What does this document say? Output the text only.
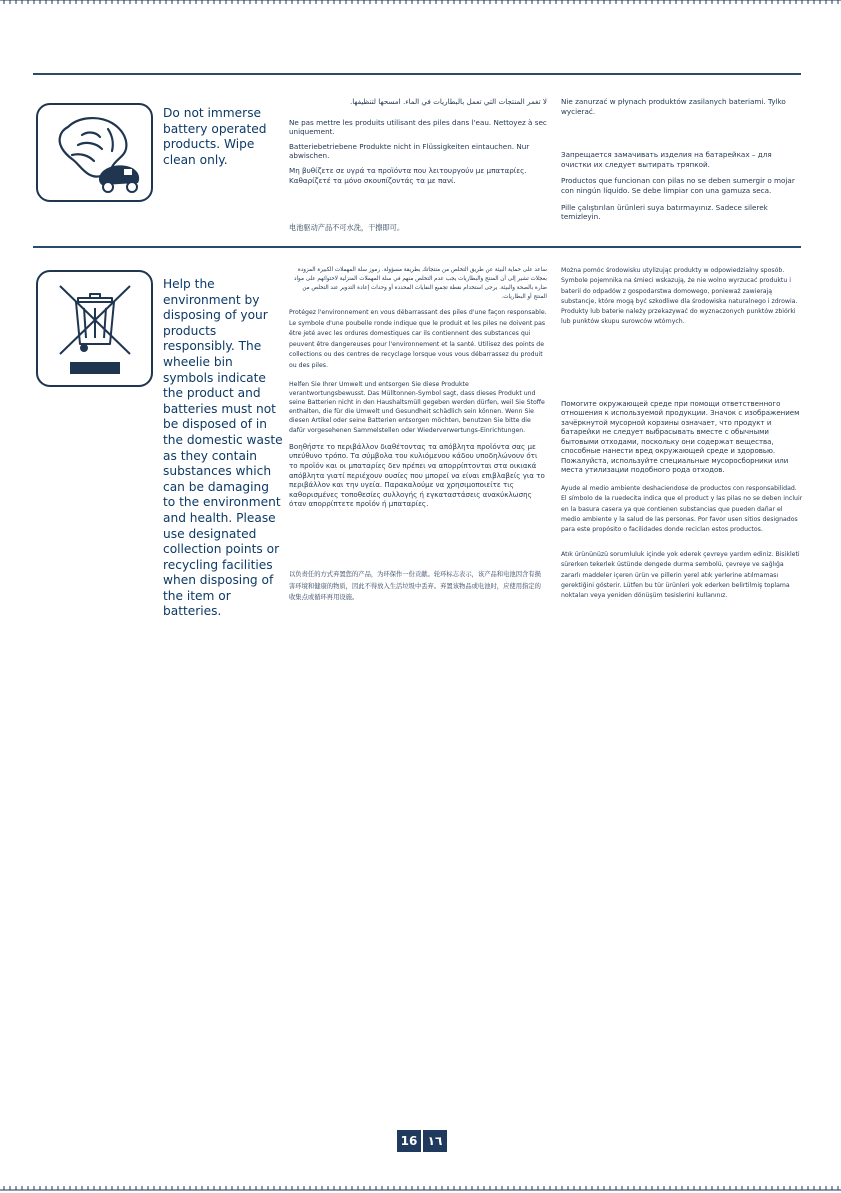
Do not immerse battery operated products. Wipe clean only.

لا تغمر المنتجات التي تعمل بالبطاريات في الماء. امسحها لتنظيفها.

Ne pas mettre les produits utilisant des piles dans l'eau. Nettoyez à sec uniquement.

Batteriebetriebene Produkte nicht in Flüssigkeiten eintauchen. Nur abwischen.

Μη βυθίζετε σε υγρά τα προϊόντα που λειτουργούν με μπαταρίες. Καθαρίζετέ τα μόνο σκουπίζοντάς τα με πανί.

电池驱动产品不可水洗，干擦即可。

Nie zanurzać w płynach produktów zasilanych bateriami. Tylko wycierać.

Запрещается замачивать изделия на батарейках – для очистки их следует вытирать тряпкой.

Productos que funcionan con pilas no se deben sumergir o mojar con ningún líquido. Se debe limpiar con una gamuza seca.

Pille çalıştırılan ürünleri suya batırmayınız. Sadece silerek temizleyin.

Help the environment by disposing of your products responsibly. The wheelie bin symbols indicate the product and batteries must not be disposed of in the domestic waste as they contain substances which can be damaging to the environment and health. Please use designated collection points or recycling facilities when disposing of the item or batteries.

ساعد على حماية البيئة عن طريق التخلص من منتجاتك بطريقة مسؤولة. رموز سلة المهملات الكبيرة المزودة بعجلات تشير إلى أن المنتج والبطاريات يجب عدم التخلص منهم في سلة المهملات المنزلية لاحتوائهم على مواد ضارة بالصحة والبيئة. يرجى استخدام نقطة تجميع النفايات المحددة أو وحدات إعادة التدوير عند التخلص من المنتج أو البطاريات.

Protégez l'environnement en vous débarrassant des piles d'une façon responsable. Le symbole d'une poubelle ronde indique que le produit et les piles ne doivent pas être jeté avec les ordures domestiques car ils contiennent des substances qui peuvent être dangereuses pour l'environnement et la santé. Utilisez des points de collections ou des centres de recyclage lorsque vous vous débarrassez du produit ou des piles.

Helfen Sie Ihrer Umwelt und entsorgen Sie diese Produkte verantwortungsbewusst. Das Mülltonnen-Symbol sagt, dass dieses Produkt und seine Batterien nicht in den Haushaltsmüll gegeben werden dürfen, weil Sie Stoffe enthalten, die für die Umwelt und Gesundheit schädlich sein können. Wenn Sie diesen Artikel oder seine Batterien entsorgen möchten, benutzen Sie bitte die dafür vorgesehenen Sammelstellen oder Wiederverwertungs-Einrichtungen.

Βοηθήστε το περιβάλλον διαθέτοντας τα απόβλητα προϊόντα σας με υπεύθυνο τρόπο. Τα σύμβολα του κυλιόμενου κάδου υποδηλώνουν ότι το προϊόν και οι μπαταρίες δεν πρέπει να απορρίπτονται στα οικιακά απόβλητα γιατί περιέχουν ουσίες που μπορεί να είναι επιβλαβείς για το περιβάλλον και την υγεία. Παρακαλούμε να χρησιμοποιείτε τις καθορισμένες τοποθεσίες συλλογής ή εγκαταστάσεις ανακύκλωσης όταν απορρίπτετε προϊόν ή μπαταρίες.

以负责任的方式弃置您的产品，为环保作一份贡献。轮环标志表示，该产品和电池因含有损害环境和健康的物质，因此不得放入生活垃圾中丢弃。弃置该物品或电池时，应使用指定的收集点或循环再用设施。

Można pomóc środowisku utylizując produkty w odpowiedzialny sposób. Symbole pojemnika na śmieci wskazują, że nie wolno wyrzucać produktu i baterii do odpadów z gospodarstwa domowego, ponieważ zawierają substancje, które mogą być szkodliwe dla środowiska naturalnego i zdrowia. Produkty lub baterie należy przekazywać do wyznaczonych punktów zbiórki lub punktów skupu surowców wtórnych.

Помогите окружающей среде при помощи ответственного отношения к используемой продукции. Значок с изображением зачёркнутой мусорной корзины означает, что продукт и батарейки не следует выбрасывать вместе с обычными бытовыми отходами, поскольку они содержат вещества, способные нанести вред окружающей среде и здоровью. Пожалуйста, используйте специальные мусоросборники или места утилизации подобного рода отходов.

Ayude al medio ambiente deshaciendose de productos con responsabilidad. El símbolo de la ruedecita indica que el product y las pilas no se deben incluir en la basura casera ya que contienen substancias que pueden dañar el medio ambiente y la salud de las personas. Por favor usen sitios designados para este propósito o facilidades donde reciclan estos productos.

Atık ürününüzü sorumluluk içinde yok ederek çevreye yardım ediniz. Bisikleti sürerken tekerlek üstünde dengede durma sembolü, çevreye ve sağlığa zararlı maddeler içeren ürün ve pillerin yerel atık yerlerine atılmaması gerektiğini gösterir. Lütfen bu tür ürünleri yok ederken belirtilmiş toplama noktaları veya yeniden dönüşüm tesislerini kullanınız.

16 ١٦
